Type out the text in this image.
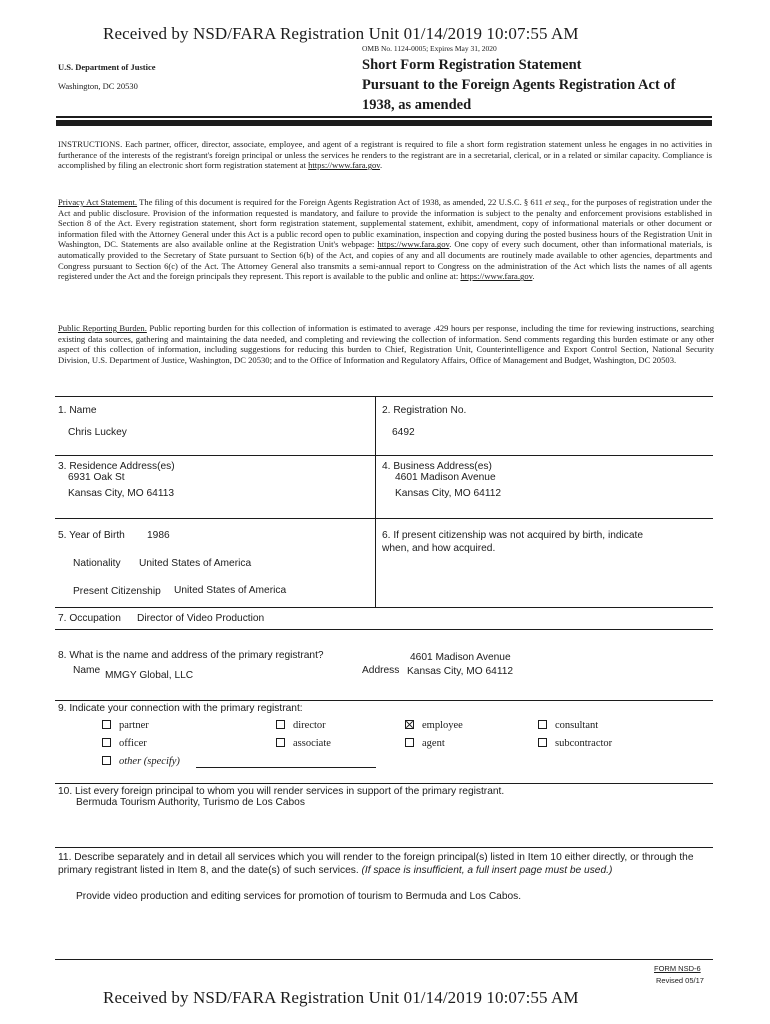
Received by NSD/FARA Registration Unit 01/14/2019 10:07:55 AM
OMB No. 1124-0005; Expires May 31, 2020
U.S. Department of Justice
Washington, DC 20530
Short Form Registration Statement
Pursuant to the Foreign Agents Registration Act of
1938, as amended
INSTRUCTIONS. Each partner, officer, director, associate, employee, and agent of a registrant is required to file a short form registration statement unless he engages in no activities in furtherance of the interests of the registrant's foreign principal or unless the services he renders to the registrant are in a secretarial, clerical, or in a related or similar capacity. Compliance is accomplished by filing an electronic short form registration statement at https://www.fara.gov.
Privacy Act Statement. The filing of this document is required for the Foreign Agents Registration Act of 1938, as amended, 22 U.S.C. § 611 et seq., for the purposes of registration under the Act and public disclosure. Provision of the information requested is mandatory, and failure to provide the information is subject to the penalty and enforcement provisions established in Section 8 of the Act. Every registration statement, short form registration statement, supplemental statement, exhibit, amendment, copy of informational materials or other document or information filed with the Attorney General under this Act is a public record open to public examination, inspection and copying during the posted business hours of the Registration Unit in Washington, DC. Statements are also available online at the Registration Unit's webpage: https://www.fara.gov. One copy of every such document, other than informational materials, is automatically provided to the Secretary of State pursuant to Section 6(b) of the Act, and copies of any and all documents are routinely made available to other agencies, departments and Congress pursuant to Section 6(c) of the Act. The Attorney General also transmits a semi-annual report to Congress on the administration of the Act which lists the names of all agents registered under the Act and the foreign principals they represent. This report is available to the public and online at: https://www.fara.gov.
Public Reporting Burden. Public reporting burden for this collection of information is estimated to average .429 hours per response, including the time for reviewing instructions, searching existing data sources, gathering and maintaining the data needed, and completing and reviewing the collection of information. Send comments regarding this burden estimate or any other aspect of this collection of information, including suggestions for reducing this burden to Chief, Registration Unit, Counterintelligence and Export Control Section, National Security Division, U.S. Department of Justice, Washington, DC 20530; and to the Office of Information and Regulatory Affairs, Office of Management and Budget, Washington, DC 20503.
1. Name
Chris Luckey
2. Registration No.
6492
3. Residence Address(es)
6931 Oak St
Kansas City, MO 64113
4. Business Address(es)
4601 Madison Avenue
Kansas City, MO 64112
5. Year of Birth 1986
Nationality United States of America
Present Citizenship United States of America
6. If present citizenship was not acquired by birth, indicate when, and how acquired.
7. Occupation Director of Video Production
8. What is the name and address of the primary registrant?
Name MMGY Global, LLC	Address
4601 Madison Avenue
Kansas City, MO 64112
9. Indicate your connection with the primary registrant:
partner
officer
other (specify)
director
associate
employee
agent
consultant
subcontractor
10. List every foreign principal to whom you will render services in support of the primary registrant.
Bermuda Tourism Authority, Turismo de Los Cabos
11. Describe separately and in detail all services which you will render to the foreign principal(s) listed in Item 10 either directly, or through the primary registrant listed in Item 8, and the date(s) of such services. (If space is insufficient, a full insert page must be used.)
Provide video production and editing services for promotion of tourism to Bermuda and Los Cabos.
FORM NSD-6
Revised 05/17
Received by NSD/FARA Registration Unit 01/14/2019 10:07:55 AM
